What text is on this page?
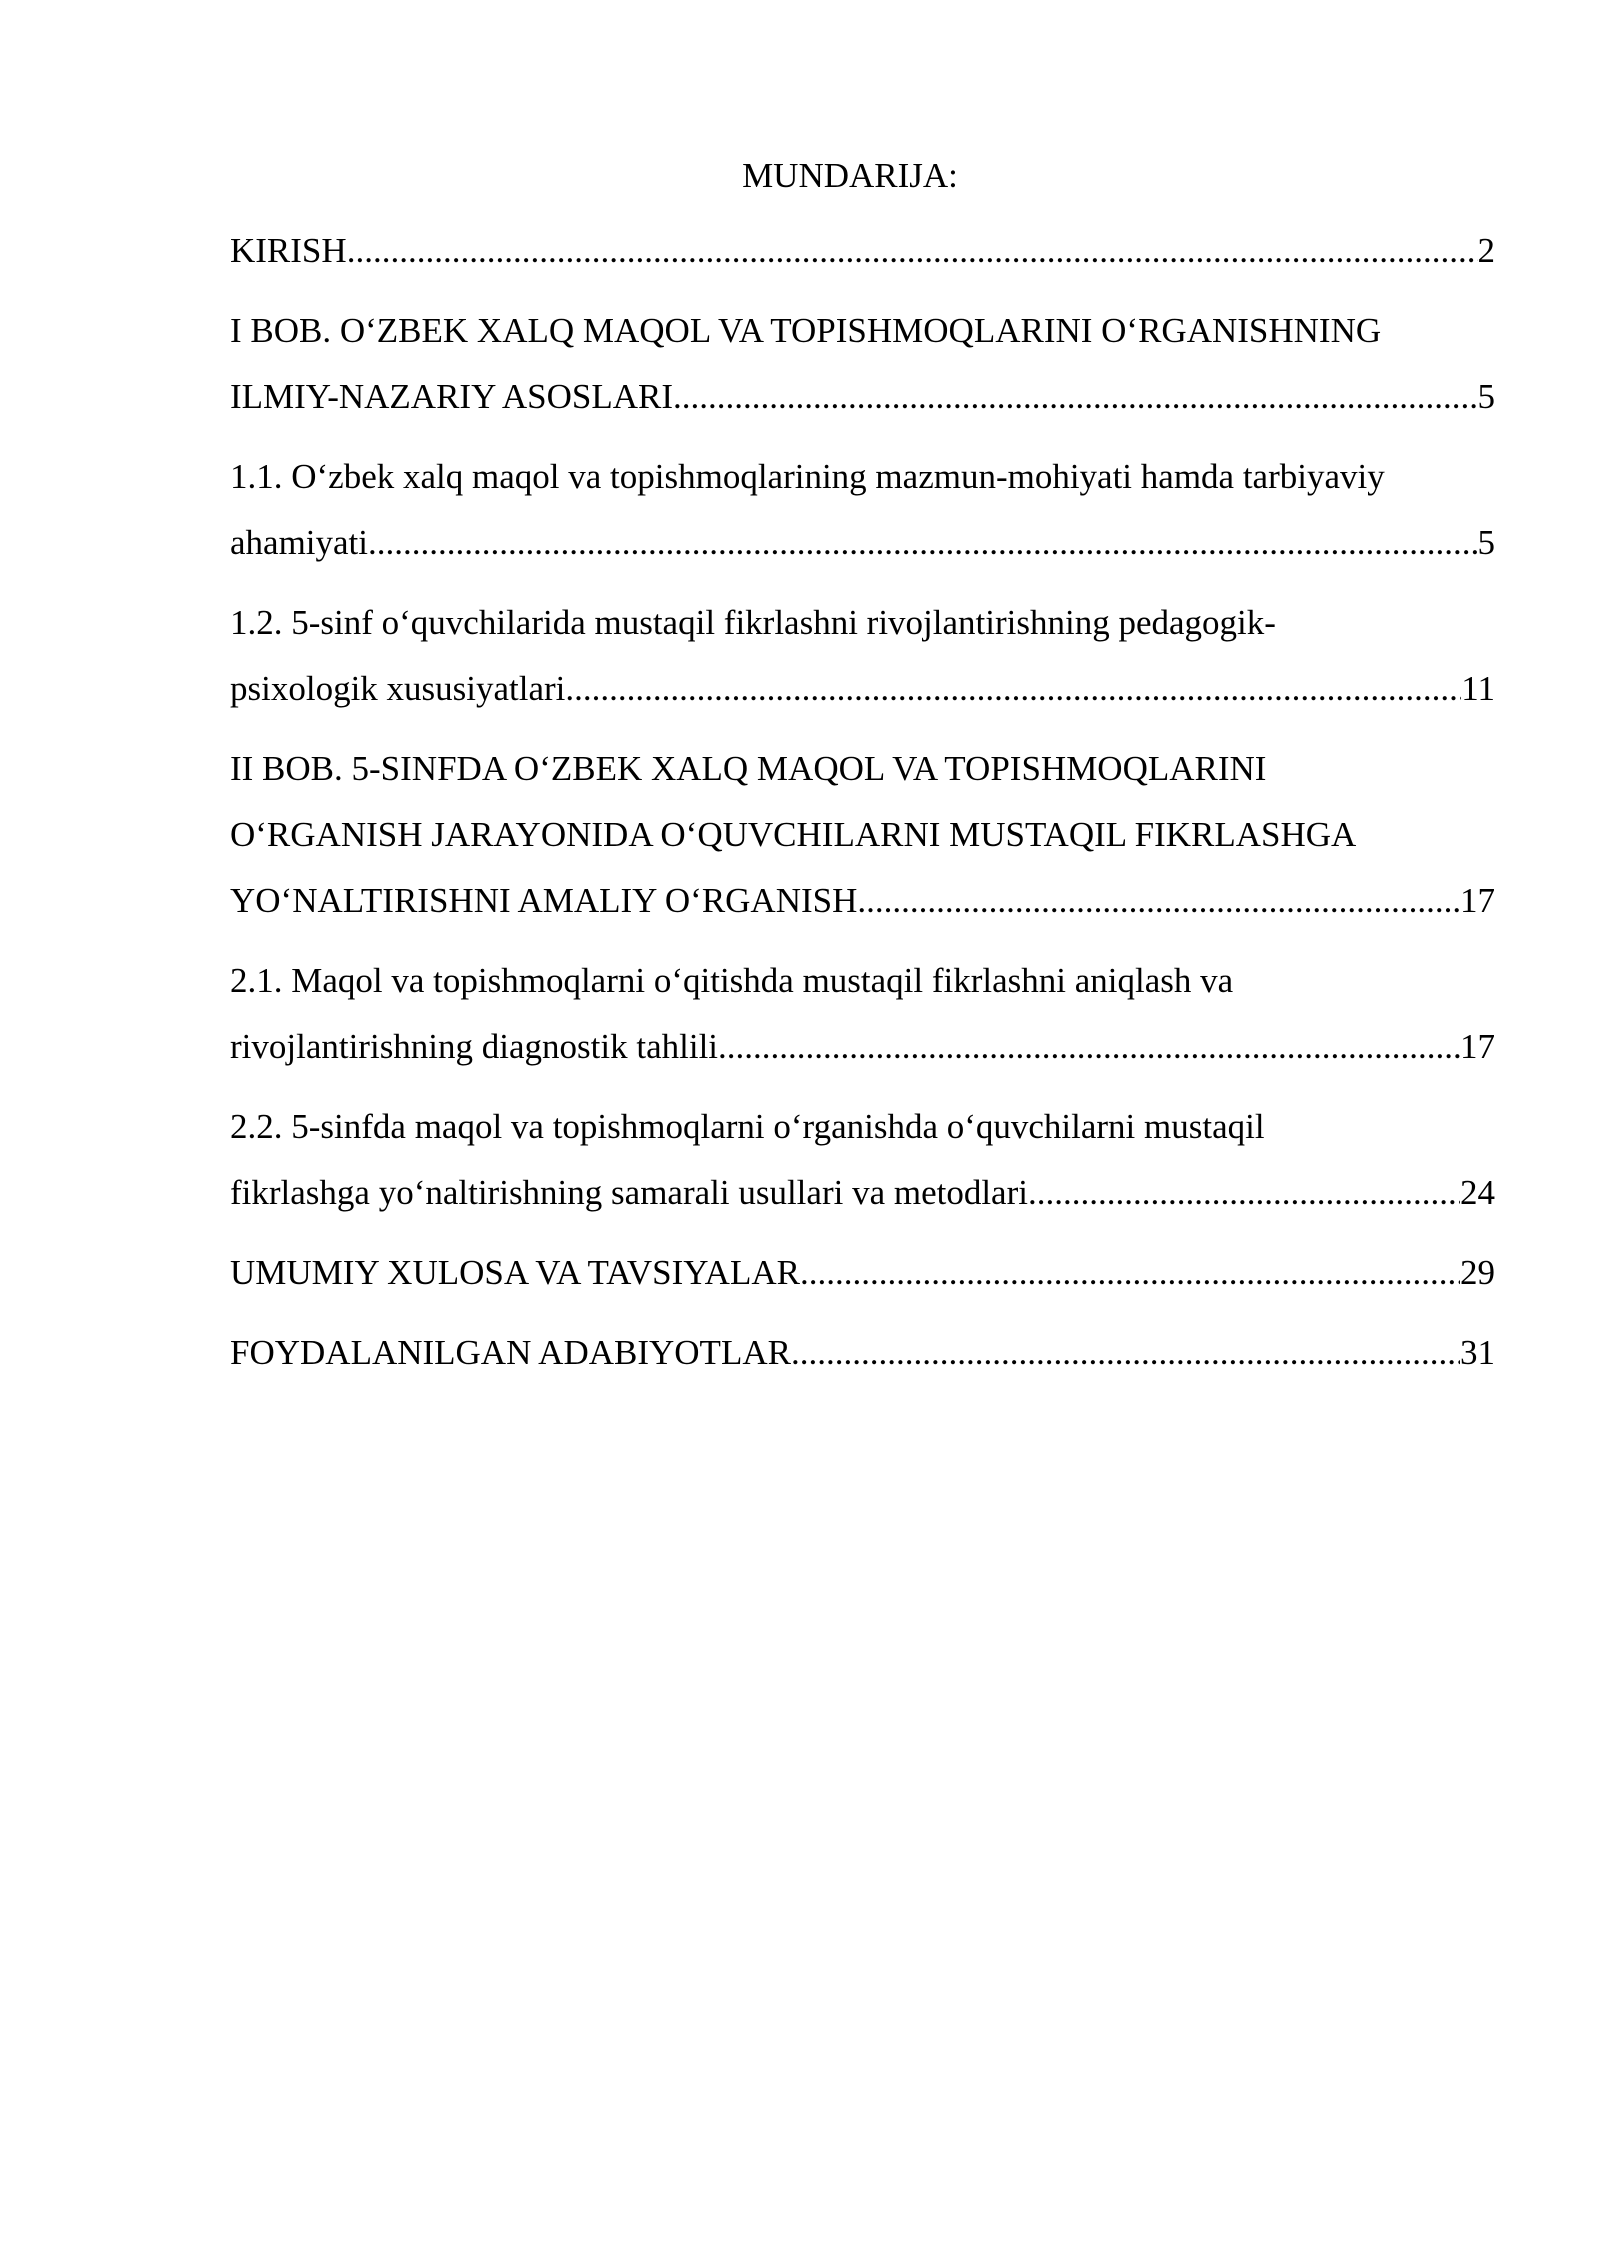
MUNDARIJA:
KIRISH .....	2
I BOB. O‘ZBEK XALQ MAQOL VA TOPISHMOQLARINI O‘RGANISHNING
ILMIY-NAZARIY ASOSLARI .....	5
1.1. O‘zbek xalq maqol va topishmoqlarining mazmun-mohiyati hamda tarbiyaviy
ahamiyati .....	5
1.2. 5-sinf o‘quvchilarida mustaqil fikrlashni rivojlantirishning pedagogik-
psixologik xususiyatlari .....	11
II BOB. 5-SINFDA O‘ZBEK XALQ MAQOL VA TOPISHMOQLARINI
O‘RGANISH JARAYONIDA O‘QUVCHILARNI MUSTAQIL FIKRLASHGA
YO‘NALTIRISHNI AMALIY O‘RGANISH .....	17
2.1. Maqol va topishmoqlarni o‘qitishda mustaqil fikrlashni aniqlash va
rivojlantirishning diagnostik tahlili .....	17
2.2. 5-sinfda maqol va topishmoqlarni o‘rganishda o‘quvchilarni mustaqil
fikrlashga yo‘naltirishning samarali usullari va metodlari .....	24
UMUMIY XULOSA VA TAVSIYALAR .....	29
FOYDALANILGAN ADABIYOTLAR .....	31
